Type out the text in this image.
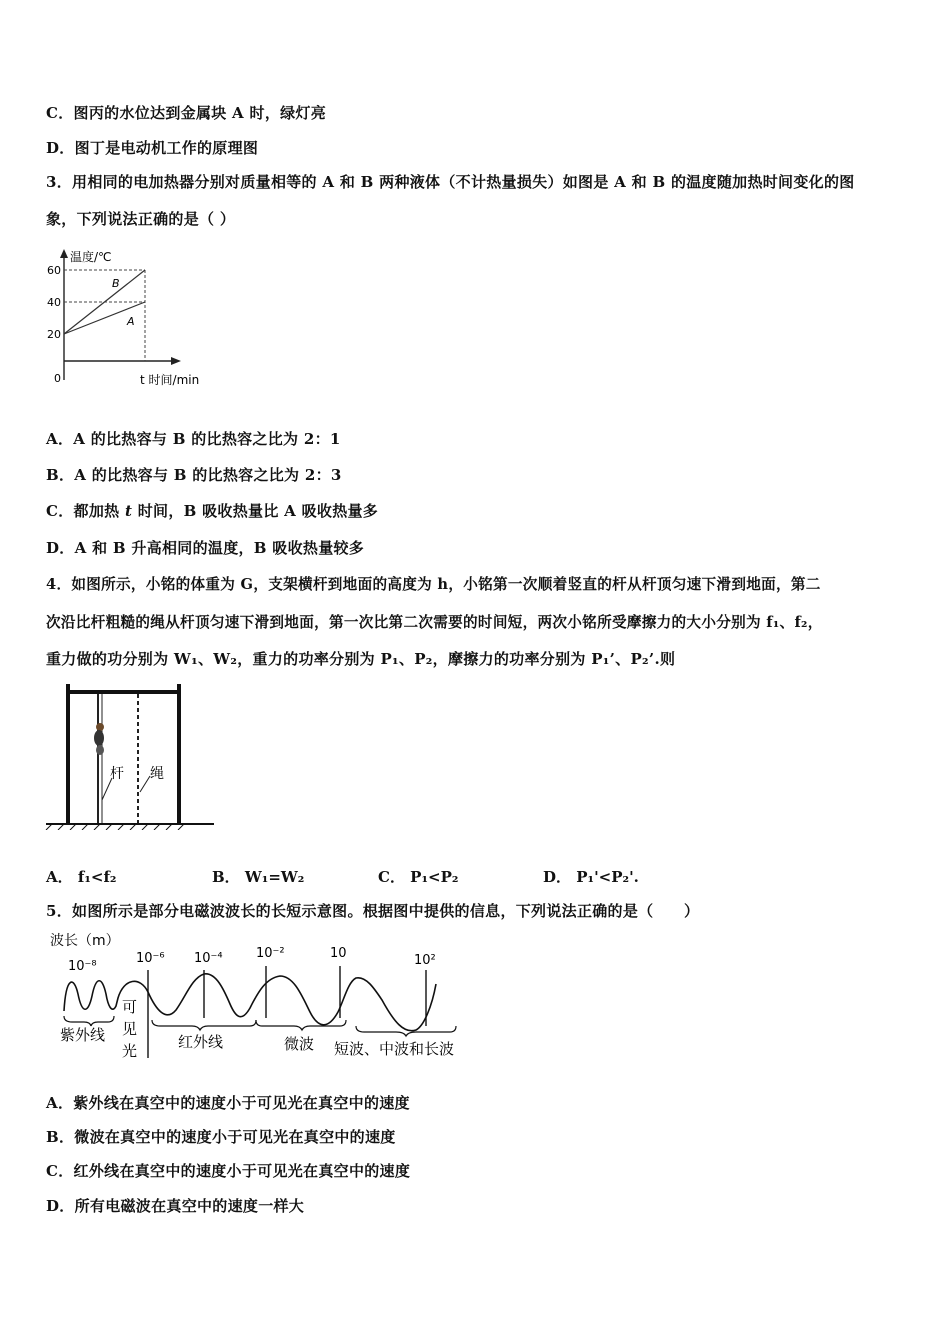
C．图丙的水位达到金属块 A 时，绿灯亮
D．图丁是电动机工作的原理图
3．用相同的电加热器分别对质量相等的 A 和 B 两种液体（不计热量损失）如图是 A 和 B 的温度随加热时间变化的图
象，下列说法正确的是（ ）
60
40
20
0
B
A
温度/℃
t 时间/min
A．A 的比热容与 B 的比热容之比为 2：1
B．A 的比热容与 B 的比热容之比为 2：3
C．都加热 t 时间，B 吸收热量比 A 吸收热量多
D．A 和 B 升高相同的温度，B 吸收热量较多
4．如图所示，小铭的体重为 G，支架横杆到地面的高度为 h，小铭第一次顺着竖直的杆从杆顶匀速下滑到地面，第二
次沿比杆粗糙的绳从杆顶匀速下滑到地面，第一次比第二次需要的时间短，两次小铭所受摩擦力的大小分别为 f₁、f₂，
重力做的功分别为 W₁、W₂，重力的功率分别为 P₁、P₂，摩擦力的功率分别为 P₁’、P₂’.则
杆 绳
A． f₁<f₂	B． W₁=W₂	C． P₁<P₂	D． P₁'<P₂'.
5．如图所示是部分电磁波波长的长短示意图。根据图中提供的信息，下列说法正确的是（　　）
波长（m）
10⁻⁸
10⁻⁶ 10⁻⁴	10⁻²	10	10²
紫外线
可
见
光	红外线	微波 短波、中波和长波
A．紫外线在真空中的速度小于可见光在真空中的速度
B．微波在真空中的速度小于可见光在真空中的速度
C．红外线在真空中的速度小于可见光在真空中的速度
D．所有电磁波在真空中的速度一样大
